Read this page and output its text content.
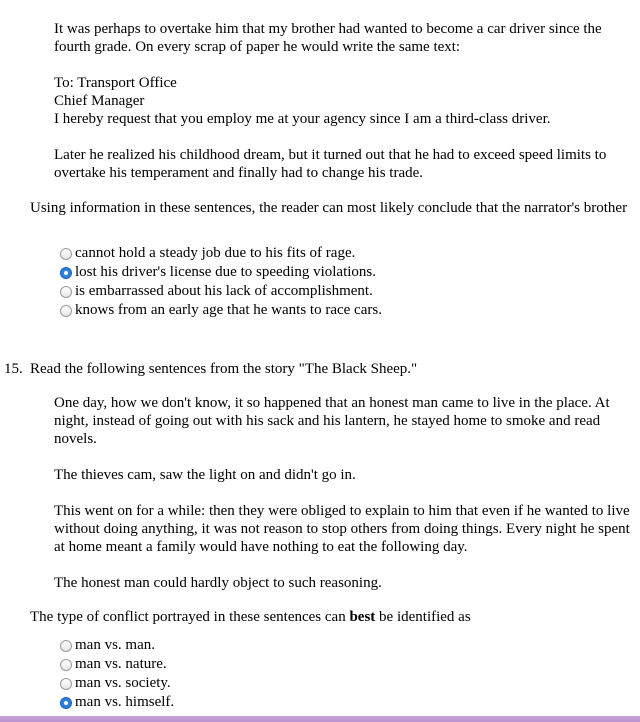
It was perhaps to overtake him that my brother had wanted to become a car driver since the fourth grade. On every scrap of paper he would write the same text:

To: Transport Office

Chief Manager

I hereby request that you employ me at your agency since I am a third-class driver.

Later he realized his childhood dream, but it turned out that he had to exceed speed limits to overtake his temperament and finally had to change his trade.

Using information in these sentences, the reader can most likely conclude that the narrator's brother
cannot hold a steady job due to his fits of rage.
lost his driver's license due to speeding violations.
is embarrassed about his lack of accomplishment.
knows from an early age that he wants to race cars.
15. Read the following sentences from the story "The Black Sheep."

One day, how we don't know, it so happened that an honest man came to live in the place. At night, instead of going out with his sack and his lantern, he stayed home to smoke and read novels.

The thieves cam, saw the light on and didn't go in.

This went on for a while: then they were obliged to explain to him that even if he wanted to live without doing anything, it was not reason to stop others from doing things. Every night he spent at home meant a family would have nothing to eat the following day.

The honest man could hardly object to such reasoning.

The type of conflict portrayed in these sentences can best be identified as
man vs. man.
man vs. nature.
man vs. society.
man vs. himself.
